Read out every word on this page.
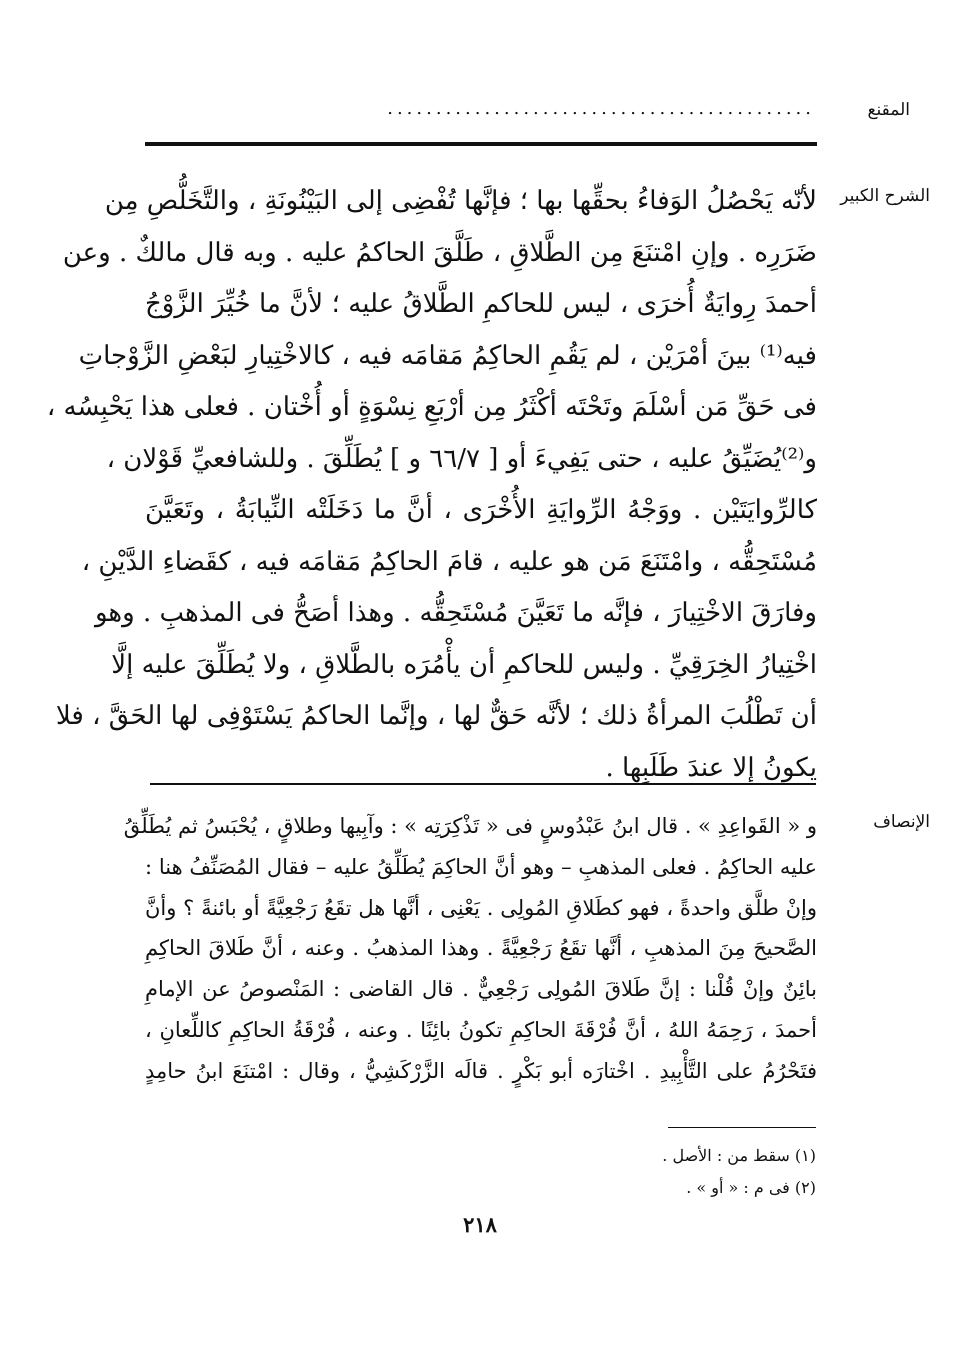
المقنع
............................................
الشرح الكبير
لأنّه يَحْصُلُ الوَفاءُ بحقِّها بها ؛ فإنَّها تُفْضِى إلى البَيْنُونَةِ ، والتَّخَلُّصِ مِن
ضَرَرِه . وإنِ امْتنَعَ مِن الطَّلاقِ ، طَلَّقَ الحاكمُ عليه . وبه قال مالكٌ . وعن
أحمدَ رِوايَةٌ أُخرَى ، ليس للحاكمِ الطَّلاقُ عليه ؛ لأنَّ ما خُيِّرَ الزَّوْجُ
فيه⁽¹⁾ بينَ أمْرَيْن ، لم يَقُمِ الحاكِمُ مَقامَه فيه ، كالاخْتِيارِ لبَعْضِ الزَّوْجاتِ
فى حَقِّ مَن أسْلَمَ وتَحْتَه أكْثَرُ مِن أرْبَعِ نِسْوَةٍ أو أُخْتان . فعلى هذا يَحْبِسُه ،
و⁽²⁾يُضَيِّقُ عليه ، حتى يَفِيءَ أو [ ٦٦/٧ و ] يُطَلِّقَ . وللشافعيِّ قَوْلان ،
كالرِّوايَتَيْن . ووَجْهُ الرِّوايَةِ الأُخْرَى ، أنَّ ما دَخَلَتْه النِّيابَةُ ، وتَعَيَّنَ
مُسْتَحِقُّه ، وامْتَنَعَ مَن هو عليه ، قامَ الحاكِمُ مَقامَه فيه ، كقَضاءِ الدَّيْنِ ،
وفارَقَ الاخْتِيارَ ، فإنَّه ما تَعَيَّنَ مُسْتَحِقُّه . وهذا أصَحُّ فى المذهبِ . وهو
اخْتِيارُ الخِرَقِيِّ . وليس للحاكمِ أن يأْمُرَه بالطَّلاقِ ، ولا يُطَلِّقَ عليه إلَّا
أن تَطْلُبَ المرأةُ ذلك ؛ لأنَّه حَقٌّ لها ، وإنَّما الحاكمُ يَسْتَوْفِى لها الحَقَّ ، فلا
يكونُ إلا عندَ طَلَبِها .
الإنصاف
و « القَواعِدِ » . قال ابنُ عَبْدُوسٍ فى « تَذْكِرَتِه » : وآبِيها وطلاقٍ ، يُحْبَسُ ثم يُطَلِّقُ
عليه الحاكِمُ . فعلى المذهبِ – وهو أنَّ الحاكِمَ يُطَلِّقُ عليه – فقال المُصَنِّفُ هنا :
وإنْ طلَّق واحدةً ، فهو كطَلاقِ المُولِى . يَعْنِى ، أنَّها هل تقَعُ رَجْعِيَّةً أو بائنةً ؟ وأنَّ
الصَّحيحَ مِنَ المذهبِ ، أنَّها تقَعُ رَجْعِيَّةً . وهذا المذهبُ . وعنه ، أنَّ طَلاقَ الحاكِمِ
بائِنٌ وإنْ قُلْنا : إنَّ طَلاقَ المُولِى رَجْعِيٌّ . قال القاضى : المَنْصوصُ عن الإمامِ
أحمدَ ، رَحِمَهُ اللهُ ، أنَّ فُرْقَةَ الحاكِمِ تكونُ بائِنًا . وعنه ، فُرْقَةُ الحاكِمِ كاللِّعانِ ،
فتَحْرُمُ على التَّأْبِيدِ . اخْتارَه أبو بَكْرٍ . قالَه الزَّرْكَشِيُّ ، وقال : امْتنَعَ ابنُ حامِدٍ
(١) سقط من : الأصل .
(٢) فى م : « أو » .
٢١٨
